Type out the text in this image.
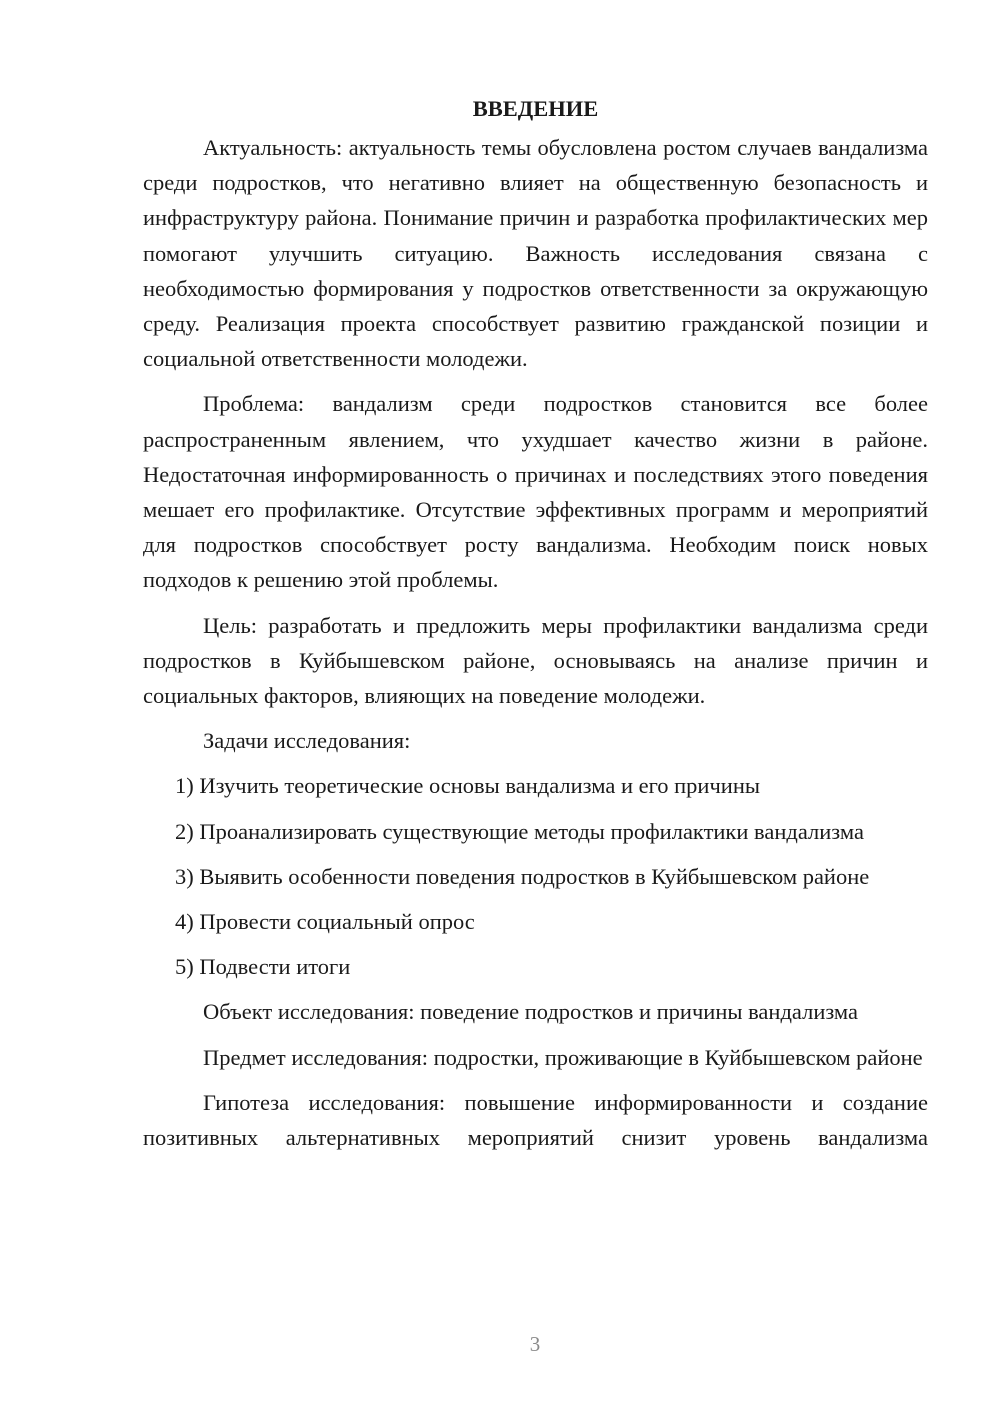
ВВЕДЕНИЕ

Актуальность: актуальность темы обусловлена ростом случаев вандализма среди подростков, что негативно влияет на общественную безопасность и инфраструктуру района. Понимание причин и разработка профилактических мер помогают улучшить ситуацию. Важность исследования связана с необходимостью формирования у подростков ответственности за окружающую среду. Реализация проекта способствует развитию гражданской позиции и социальной ответственности молодежи.

Проблема: вандализм среди подростков становится все более распространенным явлением, что ухудшает качество жизни в районе. Недостаточная информированность о причинах и последствиях этого поведения мешает его профилактике. Отсутствие эффективных программ и мероприятий для подростков способствует росту вандализма. Необходим поиск новых подходов к решению этой проблемы.

Цель: разработать и предложить меры профилактики вандализма среди подростков в Куйбышевском районе, основываясь на анализе причин и социальных факторов, влияющих на поведение молодежи.

Задачи исследования:

1) Изучить теоретические основы вандализма и его причины

2) Проанализировать существующие методы профилактики вандализма

3) Выявить особенности поведения подростков в Куйбышевском районе

4) Провести социальный опрос

5) Подвести итоги

Объект исследования: поведение подростков и причины вандализма

Предмет исследования: подростки, проживающие в Куйбышевском районе

Гипотеза исследования: повышение информированности и создание позитивных альтернативных мероприятий снизит уровень вандализма

3
